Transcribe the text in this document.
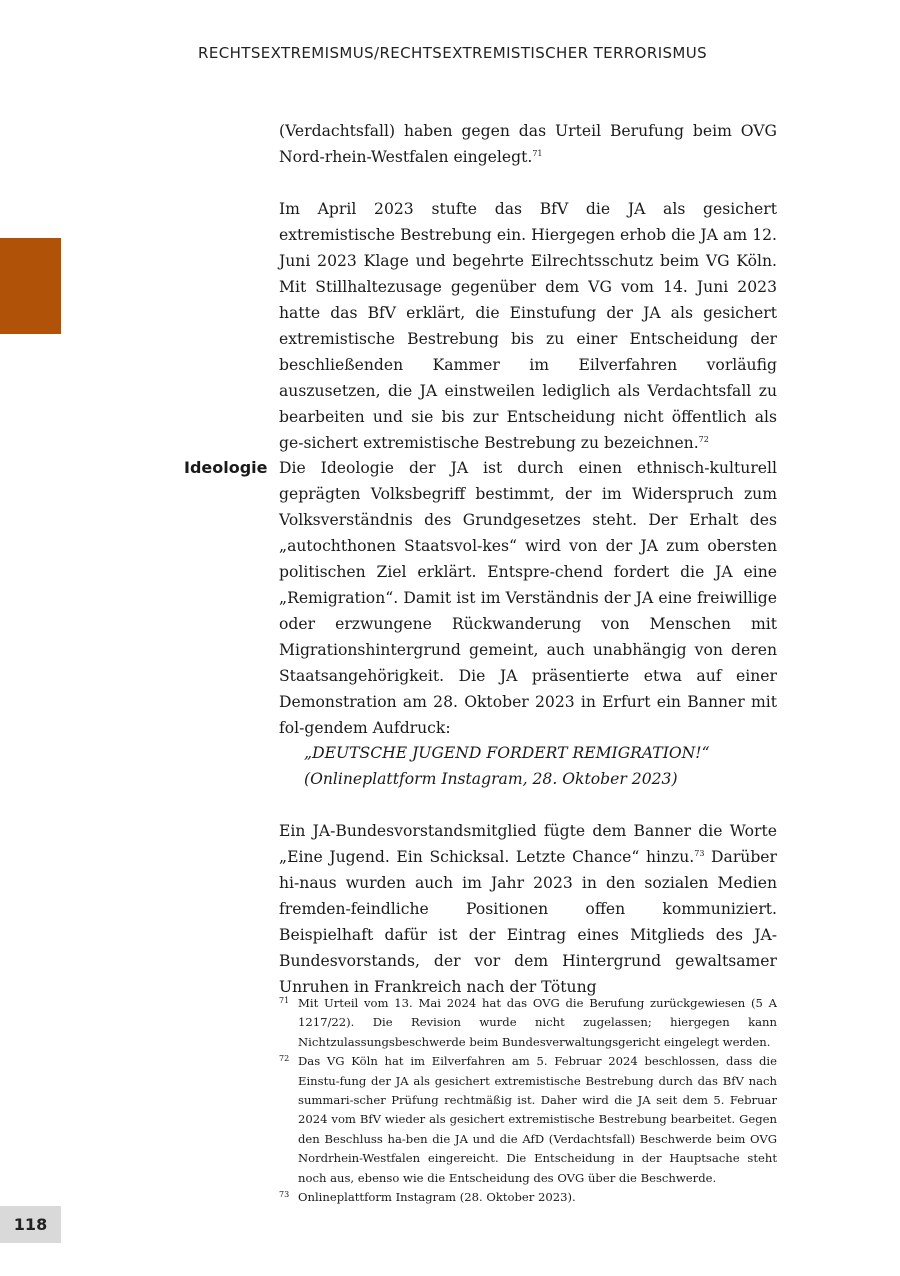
RECHTSEXTREMISMUS/RECHTSEXTREMISTISCHER TERRORISMUS

(Verdachtsfall) haben gegen das Urteil Berufung beim OVG Nord-rhein-Westfalen eingelegt.$^{71}$

Im April 2023 stufte das BfV die JA als gesichert extremistische Bestrebung ein. Hiergegen erhob die JA am 12. Juni 2023 Klage und begehrte Eilrechtsschutz beim VG Köln. Mit Stillhaltezusage gegenüber dem VG vom 14. Juni 2023 hatte das BfV erklärt, die Einstufung der JA als gesichert extremistische Bestrebung bis zu einer Entscheidung der beschließenden Kammer im Eilverfahren vorläufig auszusetzen, die JA einstweilen lediglich als Verdachtsfall zu bearbeiten und sie bis zur Entscheidung nicht öffentlich als ge-sichert extremistische Bestrebung zu bezeichnen.$^{72}$

Ideologie Die Ideologie der JA ist durch einen ethnisch-kulturell geprägten Volksbegriff bestimmt, der im Widerspruch zum Volksverständnis des Grundgesetzes steht. Der Erhalt des „autochthonen Staatsvol-kes“ wird von der JA zum obersten politischen Ziel erklärt. Entspre-chend fordert die JA eine „Remigration“. Damit ist im Verständnis der JA eine freiwillige oder erzwungene Rückwanderung von Menschen mit Migrationshintergrund gemeint, auch unabhängig von deren Staatsangehörigkeit. Die JA präsentierte etwa auf einer Demonstration am 28. Oktober 2023 in Erfurt ein Banner mit fol-gendem Aufdruck:

„DEUTSCHE JUGEND FORDERT REMIGRATION!“
(Onlineplattform Instagram, 28. Oktober 2023)

Ein JA-Bundesvorstandsmitglied fügte dem Banner die Worte „Eine Jugend. Ein Schicksal. Letzte Chance“ hinzu.$^{73}$ Darüber hi-naus wurden auch im Jahr 2023 in den sozialen Medien fremden-feindliche Positionen offen kommuniziert. Beispielhaft dafür ist der Eintrag eines Mitglieds des JA-Bundesvorstands, der vor dem Hintergrund gewaltsamer Unruhen in Frankreich nach der Tötung

71 Mit Urteil vom 13. Mai 2024 hat das OVG die Berufung zurückgewiesen (5 A 1217/22). Die Revision wurde nicht zugelassen; hiergegen kann Nichtzulassungsbeschwerde beim Bundesverwaltungsgericht eingelegt werden.
72 Das VG Köln hat im Eilverfahren am 5. Februar 2024 beschlossen, dass die Einstu-fung der JA als gesichert extremistische Bestrebung durch das BfV nach summari-scher Prüfung rechtmäßig ist. Daher wird die JA seit dem 5. Februar 2024 vom BfV wieder als gesichert extremistische Bestrebung bearbeitet. Gegen den Beschluss ha-ben die JA und die AfD (Verdachtsfall) Beschwerde beim OVG Nordrhein-Westfalen eingereicht. Die Entscheidung in der Hauptsache steht noch aus, ebenso wie die Entscheidung des OVG über die Beschwerde.
73 Onlineplattform Instagram (28. Oktober 2023).
118
